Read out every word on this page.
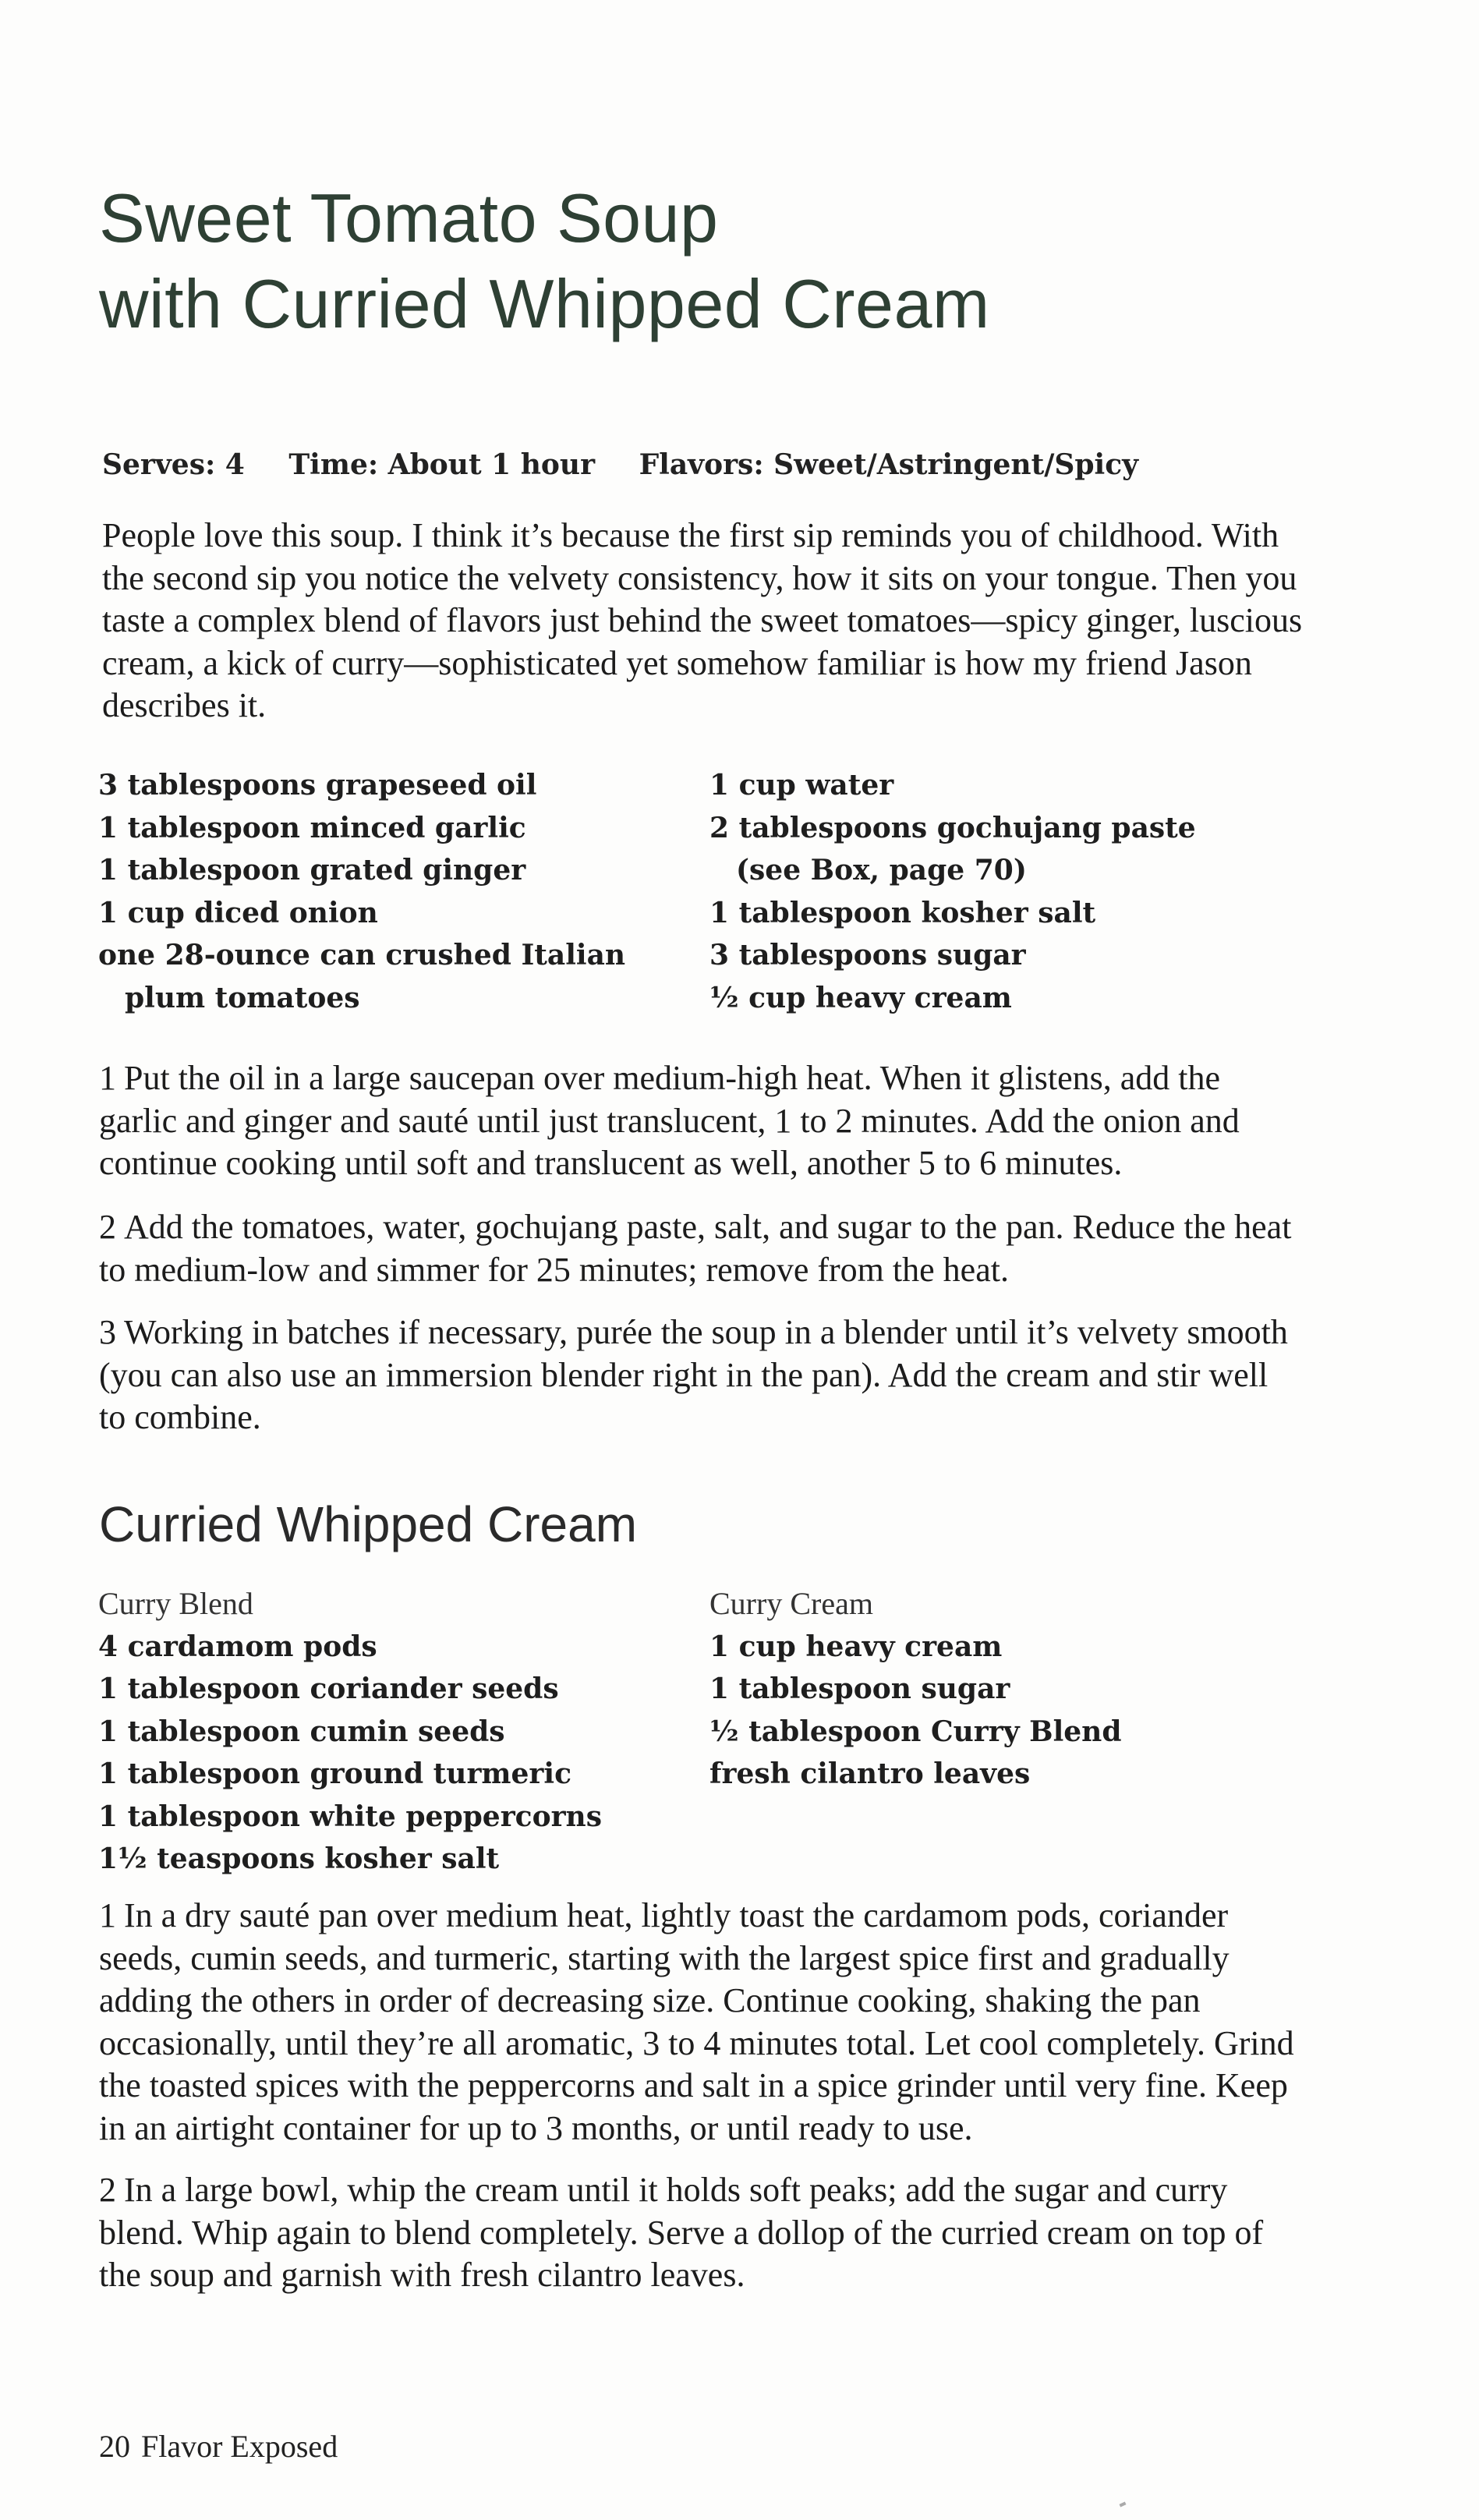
Sweet Tomato Soup
with Curried Whipped Cream
Serves: 4 Time: About 1 hour Flavors: Sweet/Astringent/Spicy
People love this soup. I think it’s because the first sip reminds you of childhood. With the second sip you notice the velvety consistency, how it sits on your tongue. Then you taste a complex blend of flavors just behind the sweet tomatoes—spicy ginger, luscious cream, a kick of curry—sophisticated yet somehow familiar is how my friend Jason describes it.
3 tablespoons grapeseed oil
1 tablespoon minced garlic
1 tablespoon grated ginger
1 cup diced onion
one 28-ounce can crushed Italian
plum tomatoes
1 cup water
2 tablespoons gochujang paste
(see Box, page 70)
1 tablespoon kosher salt
3 tablespoons sugar
½ cup heavy cream
1 Put the oil in a large saucepan over medium-high heat. When it glistens, add the garlic and ginger and sauté until just translucent, 1 to 2 minutes. Add the onion and continue cooking until soft and translucent as well, another 5 to 6 minutes.
2 Add the tomatoes, water, gochujang paste, salt, and sugar to the pan. Reduce the heat to medium-low and simmer for 25 minutes; remove from the heat.
3 Working in batches if necessary, purée the soup in a blender until it’s velvety smooth (you can also use an immersion blender right in the pan). Add the cream and stir well to combine.
Curried Whipped Cream
Curry Blend
4 cardamom pods
1 tablespoon coriander seeds
1 tablespoon cumin seeds
1 tablespoon ground turmeric
1 tablespoon white peppercorns
1½ teaspoons kosher salt
Curry Cream
1 cup heavy cream
1 tablespoon sugar
½ tablespoon Curry Blend
fresh cilantro leaves
1 In a dry sauté pan over medium heat, lightly toast the cardamom pods, coriander seeds, cumin seeds, and turmeric, starting with the largest spice first and gradually adding the others in order of decreasing size. Continue cooking, shaking the pan occasionally, until they’re all aromatic, 3 to 4 minutes total. Let cool completely. Grind the toasted spices with the peppercorns and salt in a spice grinder until very fine. Keep in an airtight container for up to 3 months, or until ready to use.
2 In a large bowl, whip the cream until it holds soft peaks; add the sugar and curry blend. Whip again to blend completely. Serve a dollop of the curried cream on top of the soup and garnish with fresh cilantro leaves.
20 Flavor Exposed
